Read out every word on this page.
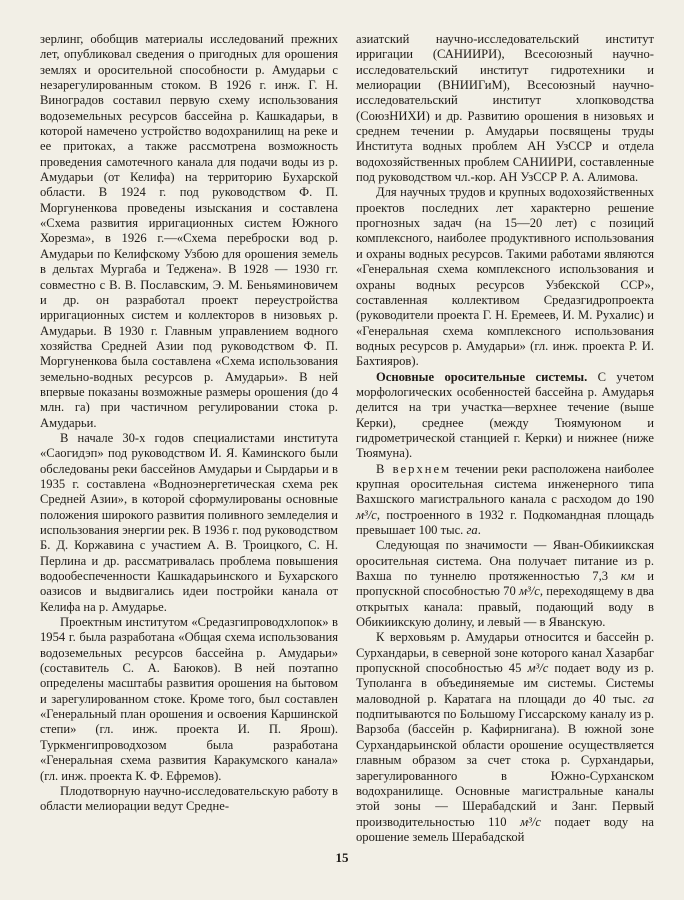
зерлинг, обобщив материалы исследований прежних лет, опубликовал сведения о пригодных для орошения землях и оросительной способности р. Амударьи с незарегулированным стоком. В 1926 г. инж. Г. Н. Виноградов составил первую схему использования водоземельных ресурсов бассейна р. Кашкадарьи, в которой намечено устройство водохранилищ на реке и ее притоках, а также рассмотрена возможность проведения самотечного канала для подачи воды из р. Амударьи (от Келифа) на территорию Бухарской области. В 1924 г. под руководством Ф. П. Моргуненкова проведены изыскания и составлена «Схема развития ирригационных систем Южного Хорезма», в 1926 г.—«Схема переброски вод р. Амударьи по Келифскому Узбою для орошения земель в дельтах Мургаба и Теджена». В 1928 — 1930 гг. совместно с В. В. Пославским, Э. М. Беньяминовичем и др. он разработал проект переустройства ирригационных систем и коллекторов в низовьях р. Амударьи. В 1930 г. Главным управлением водного хозяйства Средней Азии под руководством Ф. П. Моргуненкова была составлена «Схема использования земельно-водных ресурсов р. Амударьи». В ней впервые показаны возможные размеры орошения (до 4 млн. га) при частичном регулировании стока р. Амударьи.

В начале 30-х годов специалистами института «Саогидэп» под руководством И. Я. Каминского были обследованы реки бассейнов Амударьи и Сырдарьи и в 1935 г. составлена «Водноэнергетическая схема рек Средней Азии», в которой сформулированы основные положения широкого развития поливного земледелия и использования энергии рек. В 1936 г. под руководством Б. Д. Коржавина с участием А. В. Троицкого, С. Н. Перлина и др. рассматривалась проблема повышения водообеспеченности Кашкадарьинского и Бухарского оазисов и выдвигались идеи постройки канала от Келифа на р. Амударье.

Проектным институтом «Средазгипроводхлопок» в 1954 г. была разработана «Общая схема использования водоземельных ресурсов бассейна р. Амударьи» (составитель С. А. Баюков). В ней поэтапно определены масштабы развития орошения на бытовом и зарегулированном стоке. Кроме того, был составлен «Генеральный план орошения и освоения Каршинской степи» (гл. инж. проекта И. П. Ярош). Туркменгипроводхозом была разработана «Генеральная схема развития Каракумского канала» (гл. инж. проекта К. Ф. Ефремов).

Плодотворную научно-исследовательскую работу в области мелиорации ведут Средне-

азиатский научно-исследовательский институт ирригации (САНИИРИ), Всесоюзный научно-исследовательский институт гидротехники и мелиорации (ВНИИГиМ), Всесоюзный научно-исследовательский институт хлопководства (СоюзНИХИ) и др. Развитию орошения в низовьях и среднем течении р. Амударьи посвящены труды Института водных проблем АН УзССР и отдела водохозяйственных проблем САНИИРИ, составленные под руководством чл.-кор. АН УзССР Р. А. Алимова.

Для научных трудов и крупных водохозяйственных проектов последних лет характерно решение прогнозных задач (на 15—20 лет) с позиций комплексного, наиболее продуктивного использования и охраны водных ресурсов. Такими работами являются «Генеральная схема комплексного использования и охраны водных ресурсов Узбекской ССР», составленная коллективом Средазгидропроекта (руководители проекта Г. Н. Еремеев, И. М. Рухалис) и «Генеральная схема комплексного использования водных ресурсов р. Амударьи» (гл. инж. проекта Р. И. Бахтияров).

Основные оросительные системы. С учетом морфологических особенностей бассейна р. Амударья делится на три участка—верхнее течение (выше Керки), среднее (между Тюямуюном и гидрометрической станцией г. Керки) и нижнее (ниже Тюямуна).

В верхнем течении реки расположена наиболее крупная оросительная система инженерного типа Вахшского магистрального канала с расходом до 190 м³/с, построенного в 1932 г. Подкомандная площадь превышает 100 тыс. га.

Следующая по значимости — Яван-Обикиикская оросительная система. Она получает питание из р. Вахша по туннелю протяженностью 7,3 км и пропускной способностью 70 м³/с, переходящему в два открытых канала: правый, подающий воду в Обикиикскую долину, и левый — в Яванскую.

К верховьям р. Амударьи относится и бассейн р. Сурхандарьи, в северной зоне которого канал Хазарбаг пропускной способностью 45 м³/с подает воду из р. Туполанга в объединяемые им системы. Системы маловодной р. Каратага на площади до 40 тыс. га подпитываются по Большому Гиссарскому каналу из р. Варзоба (бассейн р. Кафирнигана). В южной зоне Сурхандарьинской области орошение осуществляется главным образом за счет стока р. Сурхандарьи, зарегулированного в Южно-Сурханском водохранилище. Основные магистральные каналы этой зоны — Шерабадский и Занг. Первый производительностью 110 м³/с подает воду на орошение земель Шерабадской

15
